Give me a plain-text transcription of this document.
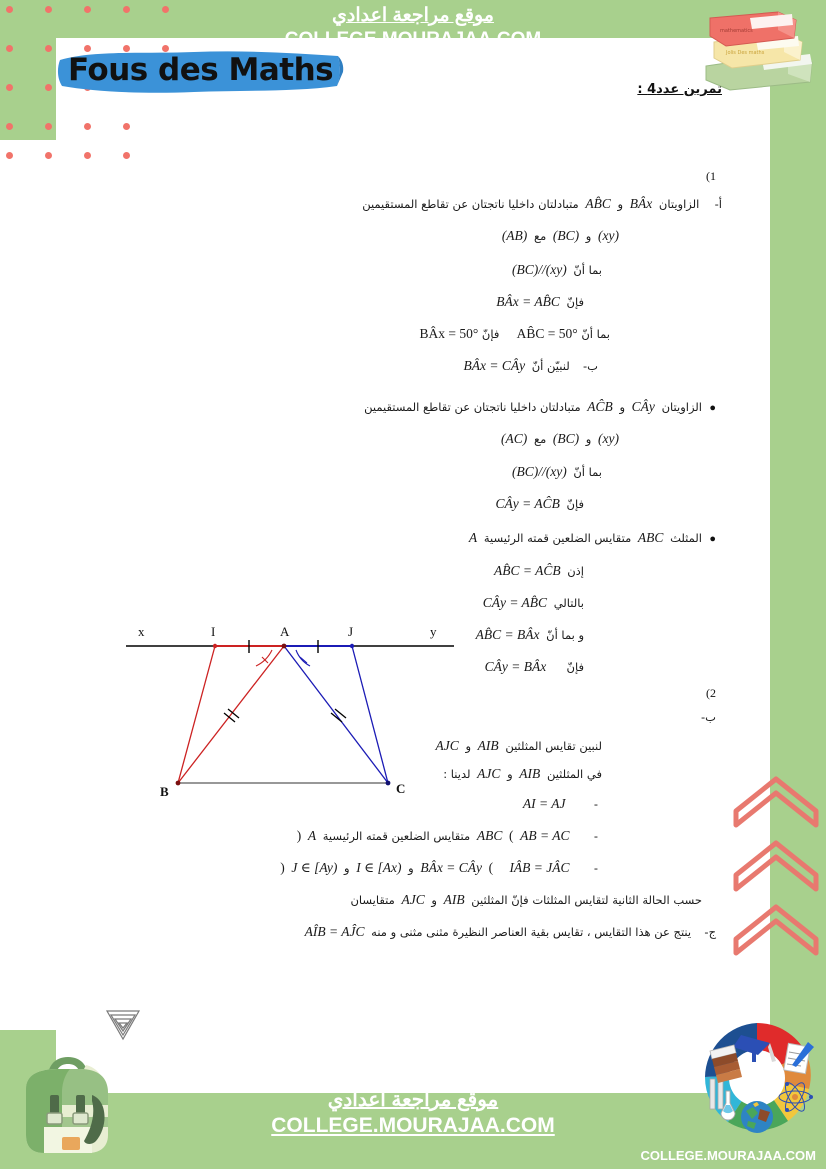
موقع مراجعة اعدادي
COLLEGE.MOURAJAA.COM
Fous des Maths	Jolis Des maths
mathematics
موقع مراجعة اعدادي
COLLEGE.MOURAJAA.COM
COLLEGE.MOURAJAA.COM
تمرين عدد4 :
(1
(2
أ-  الزاويتان BÂx و AB̂C متبادلتان داخليا ناتجتان عن تقاطع المستقيمين
(xy) و (BC) مع (AB)
بما أنّ (BC)//(xy)
فإنّ BÂx = AB̂C
بما أنّ AB̂C = 50°  فإنّ BÂx = 50°
ب-  لنبيّن أنّ BÂx = CÂy
●
الزاويتان CÂy و AĈB متبادلتان داخليا ناتجتان عن تقاطع المستقيمين
(xy) و (BC) مع (AC)
بما أنّ (BC)//(xy)
فإنّ CÂy = AĈB
●
المثلث ABC متقايس الضلعين قمته الرئيسية A
إذن AB̂C = AĈB
بالتالي CÂy = AB̂C
و بما أنّ AB̂C = BÂx
فإنّ  CÂy = BÂx
ب-
لنبين تقايس المثلثين AIB و AJC
في المثلثين AIB و AJC لدينا :
-  AI = AJ
-  AB = AC ( ABC متقايس الضلعين قمته الرئيسية A )
-  IÂB = JÂC  ( BÂx = CÂy و I ∈ [Ax) و J ∈ [Ay) )
حسب الحالة الثانية لتقايس المثلثات فإنّ المثلثين AIB و AJC متقايسان
ج-  ينتج عن هذا التقايس ، تقايس بقية العناصر النظيرة مثنى مثنى و منه AÎB = AĴC
x	I	A	J	y
B	C
